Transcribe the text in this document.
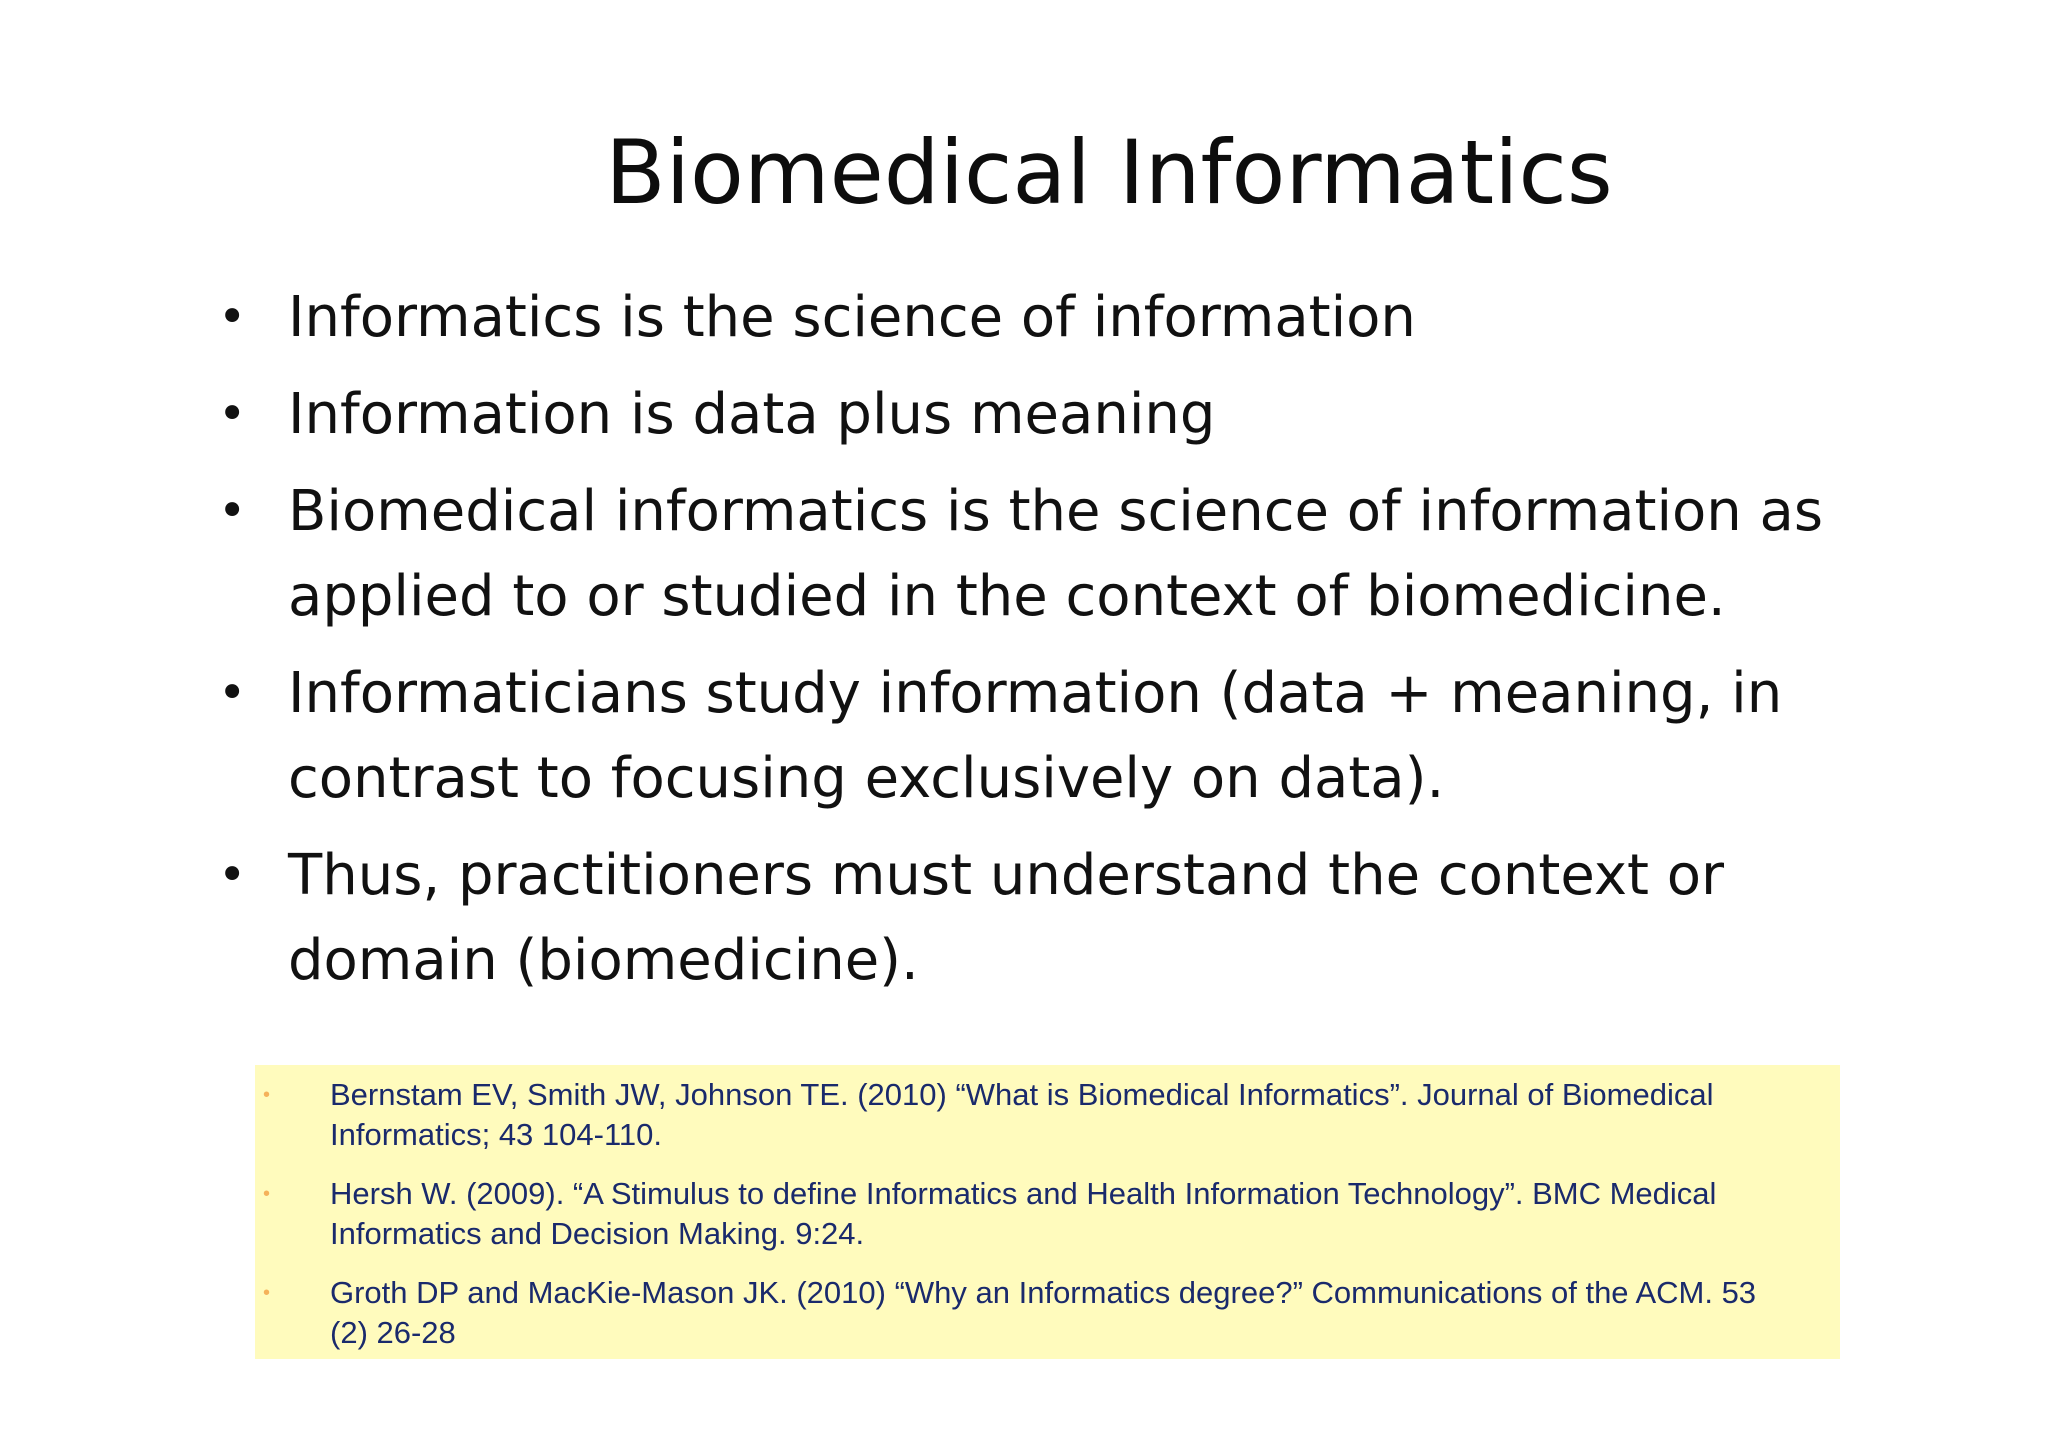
Biomedical Informatics
• Informatics is the science of information
• Information is data plus meaning
• Biomedical informatics is the science of information as applied to or studied in the context of biomedicine.
• Informaticians study information (data + meaning, in contrast to focusing exclusively on data).
• Thus, practitioners must understand the context or domain (biomedicine).
• Bernstam EV, Smith JW, Johnson TE. (2010) “What is Biomedical Informatics”. Journal of Biomedical Informatics; 43 104-110.
• Hersh W. (2009). “A Stimulus to define Informatics and Health Information Technology”. BMC Medical Informatics and Decision Making. 9:24.
• Groth DP and MacKie-Mason JK. (2010) “Why an Informatics degree?” Communications of the ACM. 53 (2) 26-28
